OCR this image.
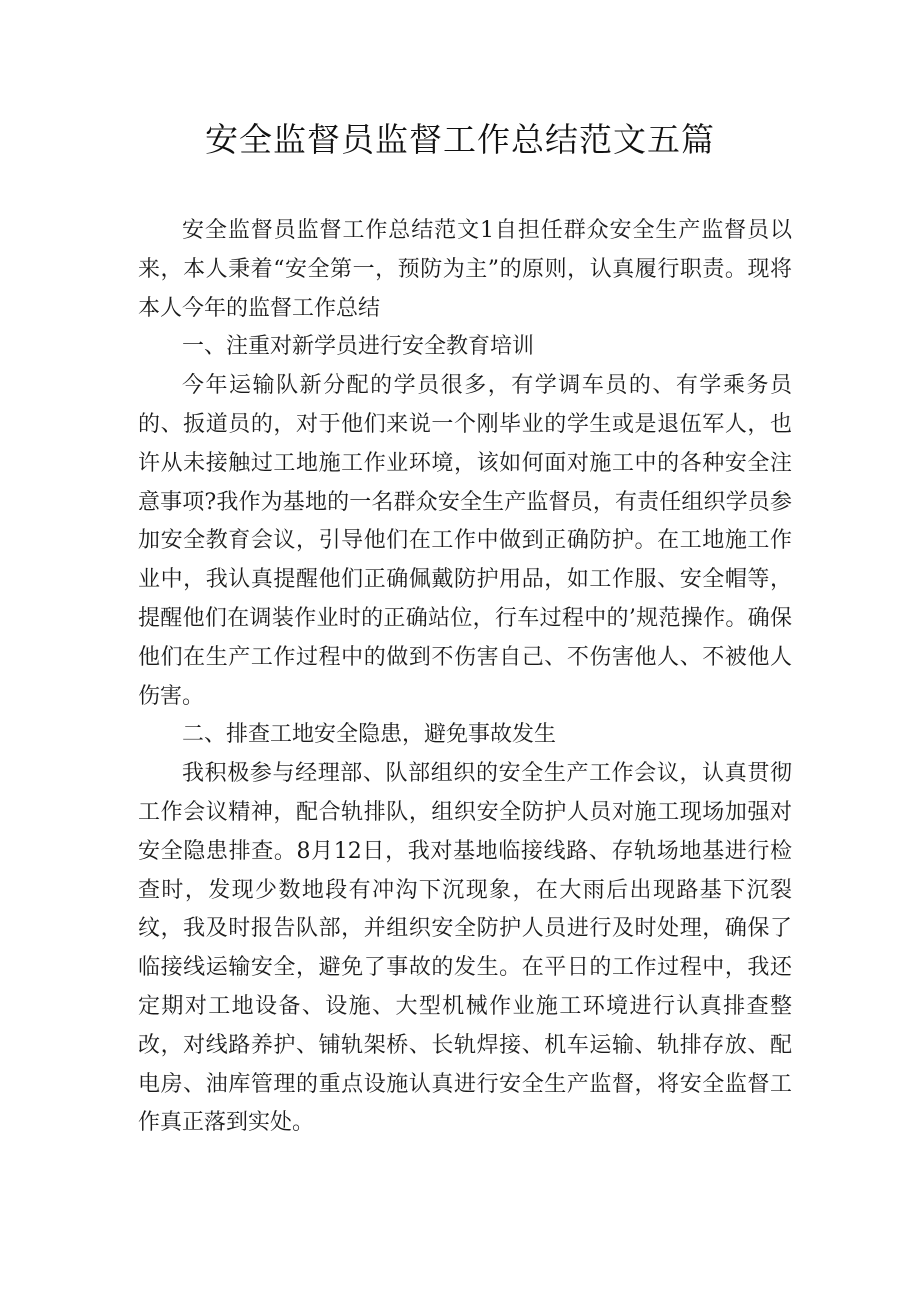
安全监督员监督工作总结范文五篇

安全监督员监督工作总结范文1自担任群众安全生产监督员以来，本人秉着“安全第一，预防为主”的原则，认真履行职责。现将本人今年的监督工作总结

一、注重对新学员进行安全教育培训

今年运输队新分配的学员很多，有学调车员的、有学乘务员的、扳道员的，对于他们来说一个刚毕业的学生或是退伍军人，也许从未接触过工地施工作业环境，该如何面对施工中的各种安全注意事项?我作为基地的一名群众安全生产监督员，有责任组织学员参加安全教育会议，引导他们在工作中做到正确防护。在工地施工作业中，我认真提醒他们正确佩戴防护用品，如工作服、安全帽等，提醒他们在调装作业时的正确站位，行车过程中的’规范操作。确保他们在生产工作过程中的做到不伤害自己、不伤害他人、不被他人伤害。

二、排查工地安全隐患，避免事故发生

我积极参与经理部、队部组织的安全生产工作会议，认真贯彻工作会议精神，配合轨排队，组织安全防护人员对施工现场加强对安全隐患排查。8月12日，我对基地临接线路、存轨场地基进行检查时，发现少数地段有冲沟下沉现象，在大雨后出现路基下沉裂纹，我及时报告队部，并组织安全防护人员进行及时处理，确保了临接线运输安全，避免了事故的发生。在平日的工作过程中，我还定期对工地设备、设施、大型机械作业施工环境进行认真排查整改，对线路养护、铺轨架桥、长轨焊接、机车运输、轨排存放、配电房、油库管理的重点设施认真进行安全生产监督，将安全监督工作真正落到实处。
